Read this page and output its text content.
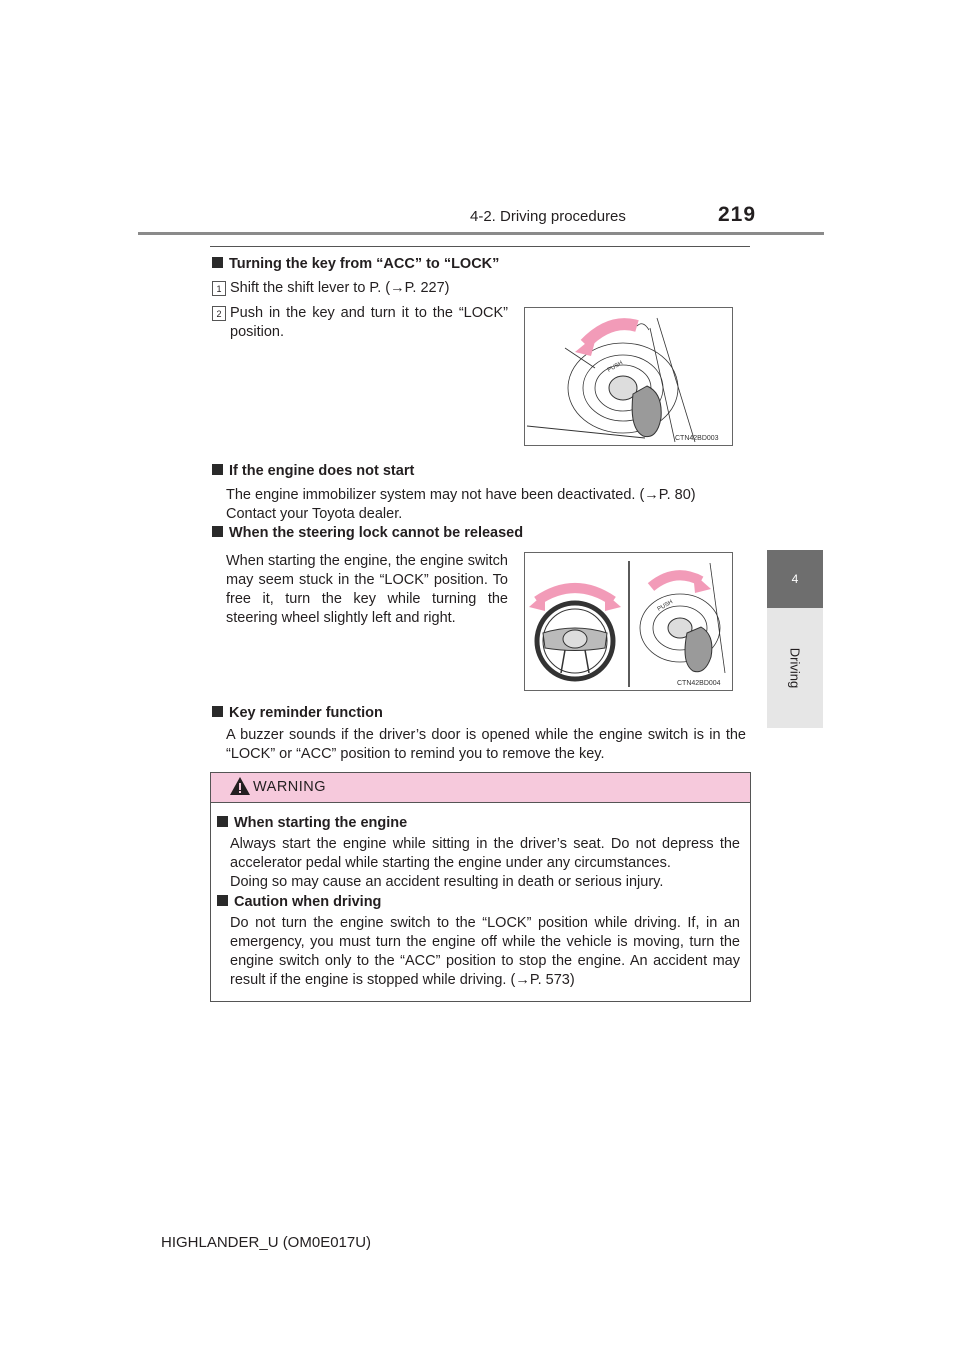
4-2. Driving procedures	219
4
Driving
Turning the key from “ACC” to “LOCK”
1 Shift the shift lever to P. (→P. 227)
2 Push in the key and turn it to the “LOCK” position.
CTN42BD003
PUSH
If the engine does not start
The engine immobilizer system may not have been deactivated. (→P. 80)
Contact your Toyota dealer.
When the steering lock cannot be released
When starting the engine, the engine switch may seem stuck in the “LOCK” position. To free it, turn the key while turning the steering wheel slightly left and right.
CTN42BD004
PUSH
Key reminder function
A buzzer sounds if the driver’s door is opened while the engine switch is in the “LOCK” or “ACC” position to remind you to remove the key.
WARNING
When starting the engine
Always start the engine while sitting in the driver’s seat. Do not depress the accelerator pedal while starting the engine under any circumstances.
Doing so may cause an accident resulting in death or serious injury.
Caution when driving
Do not turn the engine switch to the “LOCK” position while driving. If, in an emergency, you must turn the engine off while the vehicle is moving, turn the engine switch only to the “ACC” position to stop the engine. An accident may result if the engine is stopped while driving. (→P. 573)
HIGHLANDER_U (OM0E017U)
